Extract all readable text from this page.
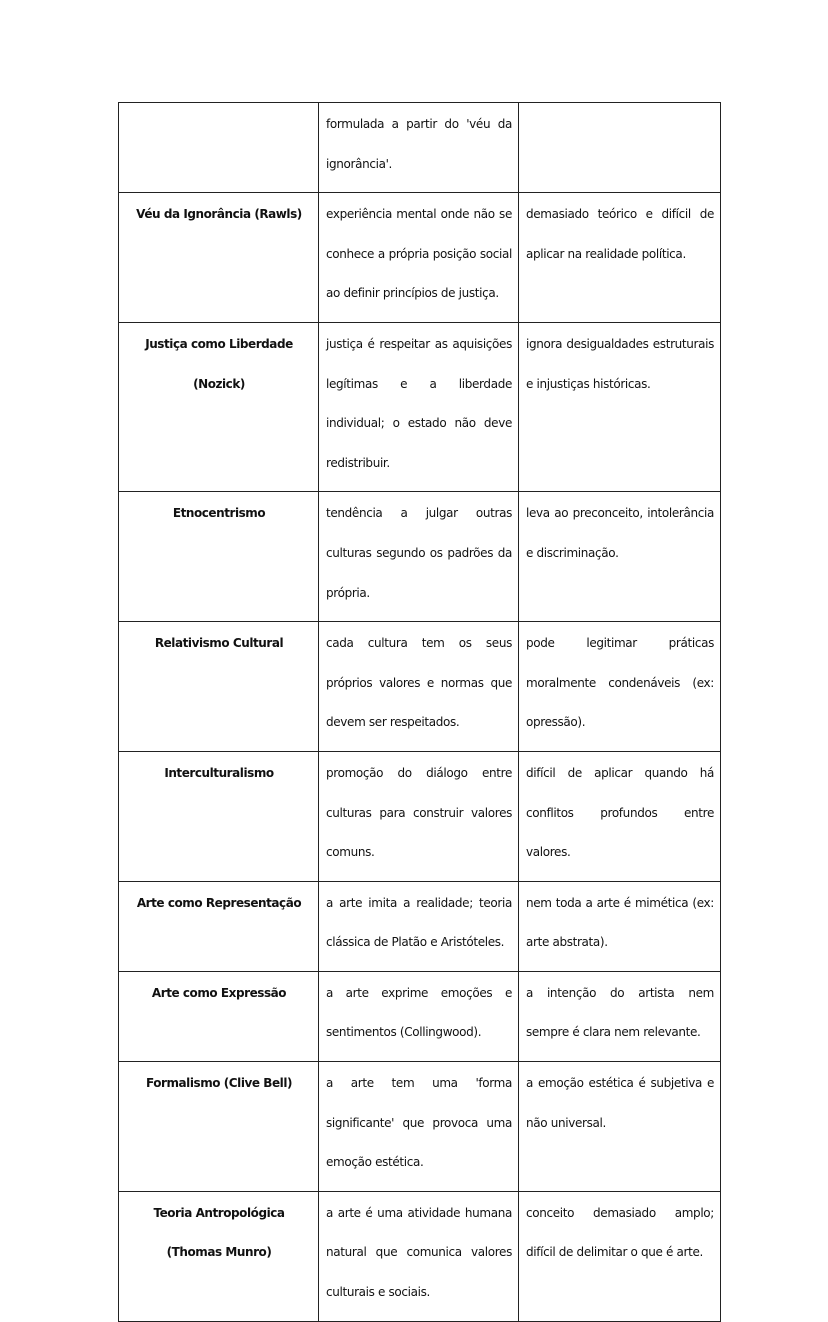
	formulada a partir do 'véu da ignorância'.	
Véu da Ignorância (Rawls)	experiência mental onde não se conhece a própria posição social ao definir princípios de justiça.	demasiado teórico e difícil de aplicar na realidade política.
Justiça como Liberdade (Nozick)	justiça é respeitar as aquisições legítimas e a liberdade individual; o estado não deve redistribuir.	ignora desigualdades estruturais e injustiças históricas.
Etnocentrismo	tendência a julgar outras culturas segundo os padrões da própria.	leva ao preconceito, intolerância e discriminação.
Relativismo Cultural	cada cultura tem os seus próprios valores e normas que devem ser respeitados.	pode legitimar práticas moralmente condenáveis (ex: opressão).
Interculturalismo	promoção do diálogo entre culturas para construir valores comuns.	difícil de aplicar quando há conflitos profundos entre valores.
Arte como Representação	a arte imita a realidade; teoria clássica de Platão e Aristóteles.	nem toda a arte é mimética (ex: arte abstrata).
Arte como Expressão	a arte exprime emoções e sentimentos (Collingwood).	a intenção do artista nem sempre é clara nem relevante.
Formalismo (Clive Bell)	a arte tem uma 'forma significante' que provoca uma emoção estética.	a emoção estética é subjetiva e não universal.
Teoria Antropológica (Thomas Munro)	a arte é uma atividade humana natural que comunica valores culturais e sociais.	conceito demasiado amplo; difícil de delimitar o que é arte.
